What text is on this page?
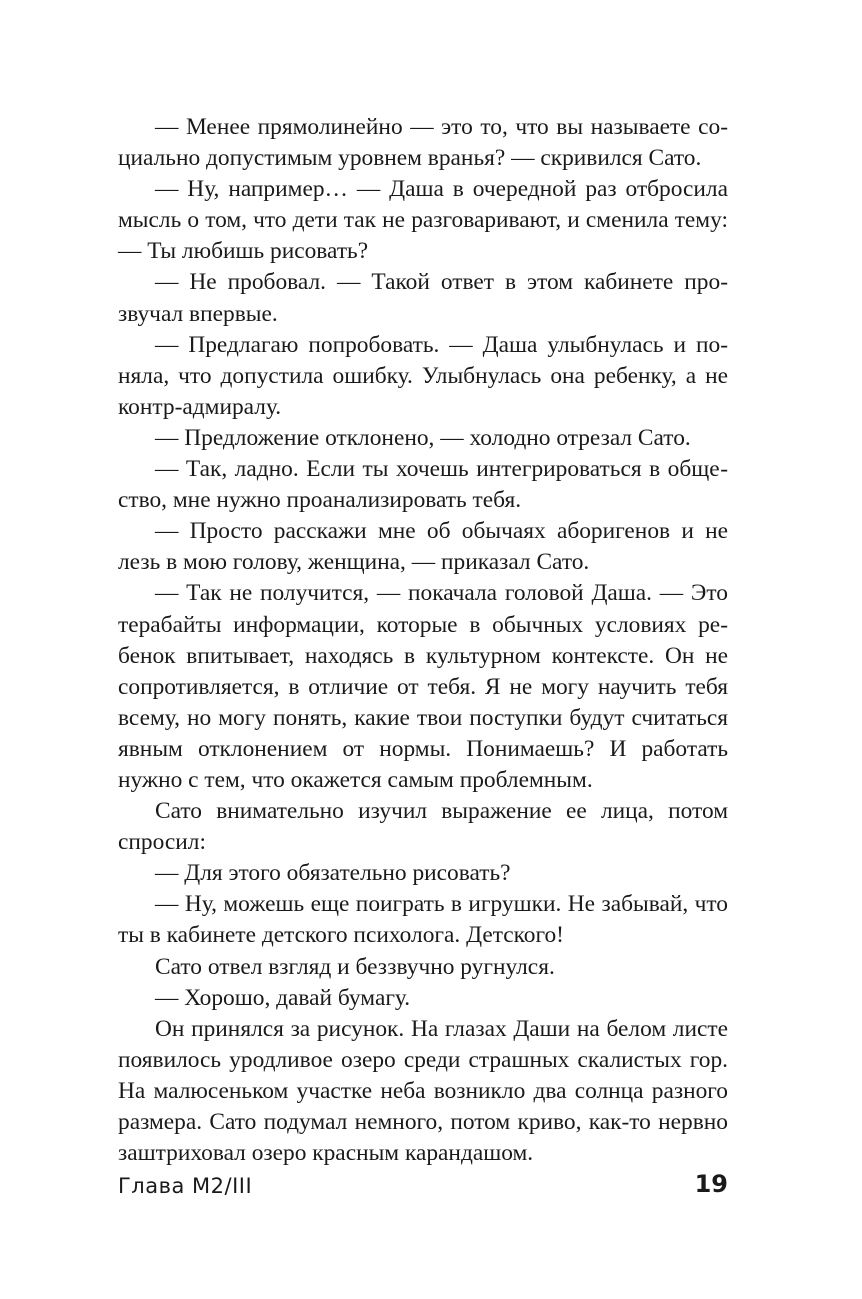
— Менее прямолинейно — это то, что вы называете социально допустимым уровнем вранья? — скривился Сато.

— Ну, например… — Даша в очередной раз отбросила мысль о том, что дети так не разговаривают, и сменила тему: — Ты любишь рисовать?

— Не пробовал. — Такой ответ в этом кабинете прозвучал впервые.

— Предлагаю попробовать. — Даша улыбнулась и поняла, что допустила ошибку. Улыбнулась она ребенку, а не контр-адмиралу.

— Предложение отклонено, — холодно отрезал Сато.

— Так, ладно. Если ты хочешь интегрироваться в общество, мне нужно проанализировать тебя.

— Просто расскажи мне об обычаях аборигенов и не лезь в мою голову, женщина, — приказал Сато.

— Так не получится, — покачала головой Даша. — Это терабайты информации, которые в обычных условиях ребенок впитывает, находясь в культурном контексте. Он не сопротивляется, в отличие от тебя. Я не могу научить тебя всему, но могу понять, какие твои поступки будут считаться явным отклонением от нормы. Понимаешь? И работать нужно с тем, что окажется самым проблемным.

Сато внимательно изучил выражение ее лица, потом спросил:

— Для этого обязательно рисовать?

— Ну, можешь еще поиграть в игрушки. Не забывай, что ты в кабинете детского психолога. Детского!

Сато отвел взгляд и беззвучно ругнулся.

— Хорошо, давай бумагу.

Он принялся за рисунок. На глазах Даши на белом листе появилось уродливое озеро среди страшных скалистых гор. На малюсеньком участке неба возникло два солнца разного размера. Сато подумал немного, потом криво, как-то нервно заштриховал озеро красным карандашом.

Глава М2/III	19
